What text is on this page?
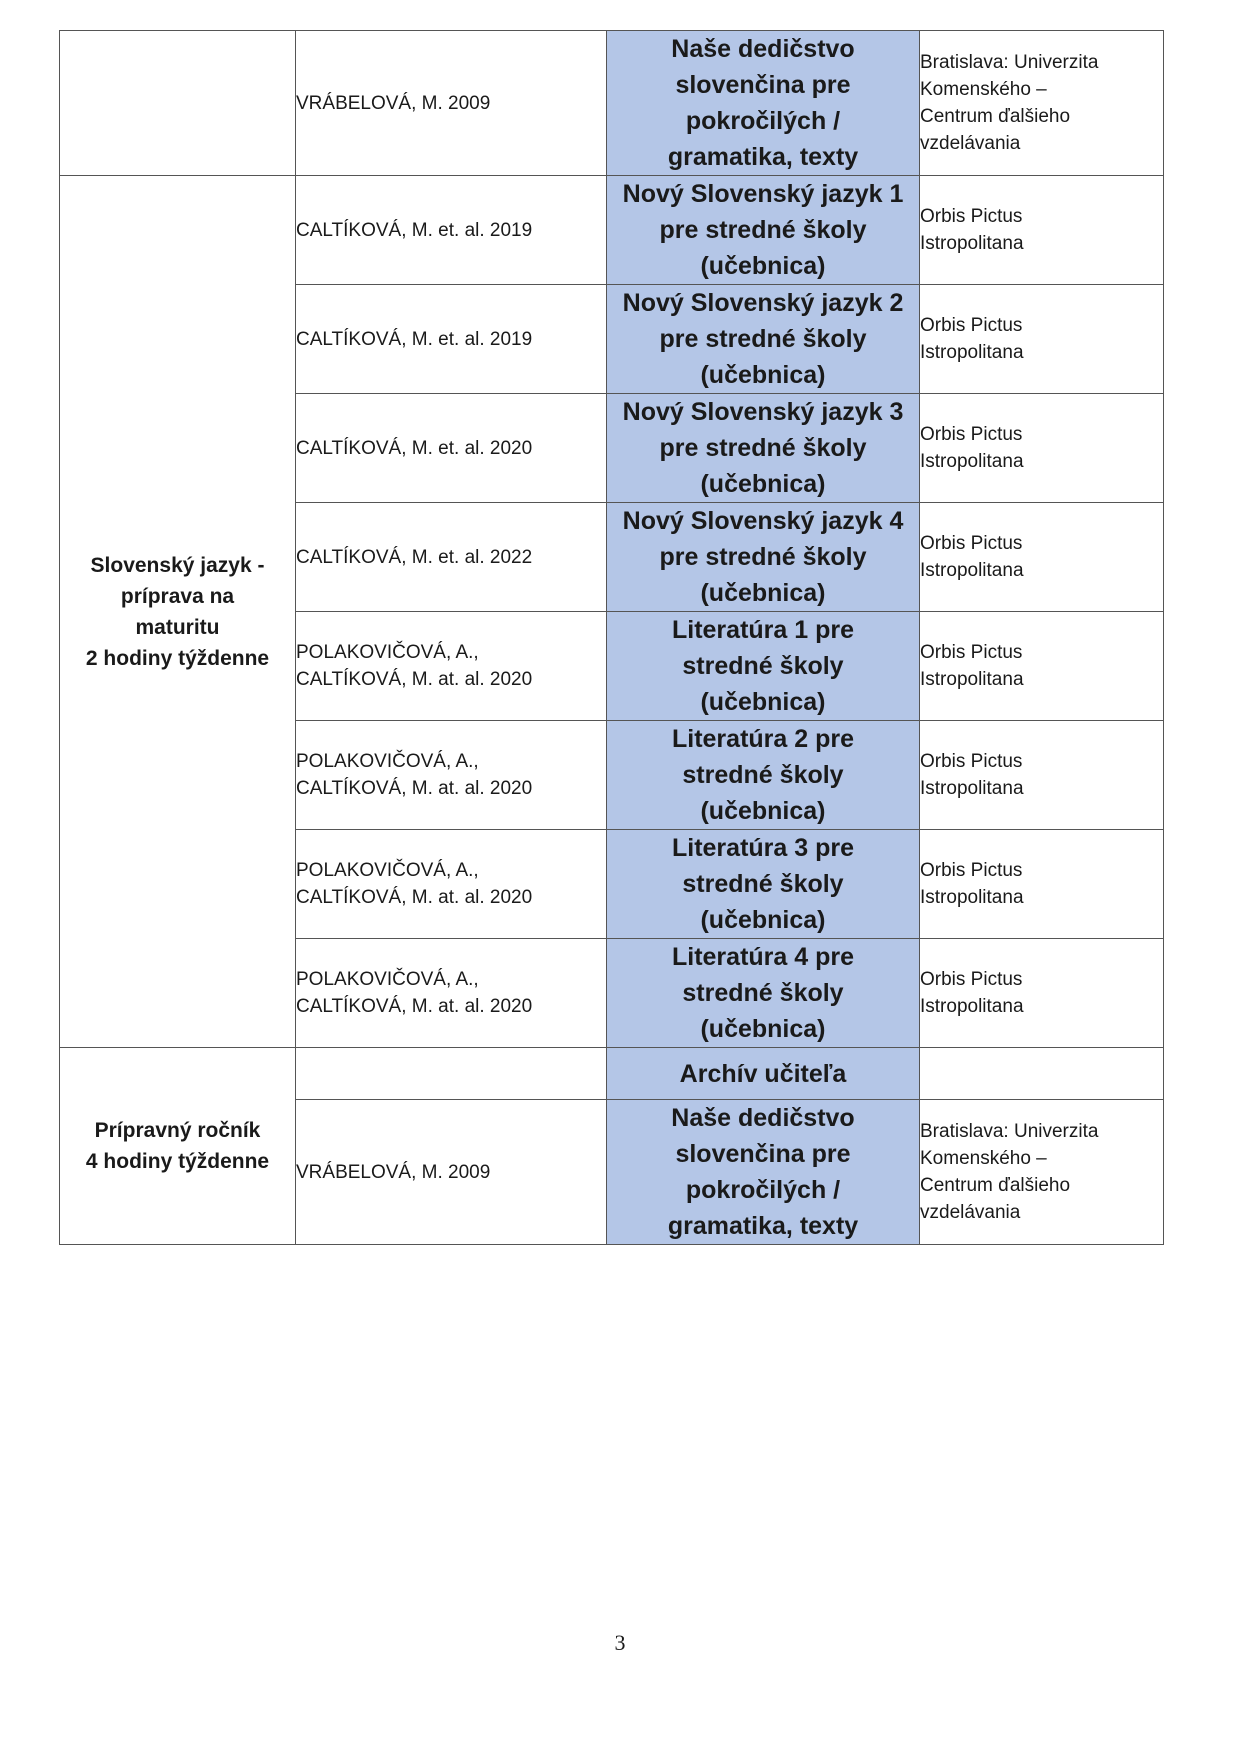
	VRÁBELOVÁ, M. 2009	Naše dedičstvo
slovenčina pre
pokročilých /
gramatika, texty	Bratislava: Univerzita
Komenského –
Centrum ďalšieho
vzdelávania

Slovenský jazyk -
príprava na
maturitu
2 hodiny týždenne	CALTÍKOVÁ, M. et. al. 2019	Nový Slovenský jazyk 1
pre stredné školy
(učebnica)	Orbis Pictus
Istropolitana

	CALTÍKOVÁ, M. et. al. 2019	Nový Slovenský jazyk 2
pre stredné školy
(učebnica)	Orbis Pictus
Istropolitana

	CALTÍKOVÁ, M. et. al. 2020	Nový Slovenský jazyk 3
pre stredné školy
(učebnica)	Orbis Pictus
Istropolitana

	CALTÍKOVÁ, M. et. al. 2022	Nový Slovenský jazyk 4
pre stredné školy
(učebnica)	Orbis Pictus
Istropolitana

	POLAKOVIČOVÁ, A.,
CALTÍKOVÁ, M. at. al. 2020	Literatúra 1 pre
stredné školy
(učebnica)	Orbis Pictus
Istropolitana

	POLAKOVIČOVÁ, A.,
CALTÍKOVÁ, M. at. al. 2020	Literatúra 2 pre
stredné školy
(učebnica)	Orbis Pictus
Istropolitana

	POLAKOVIČOVÁ, A.,
CALTÍKOVÁ, M. at. al. 2020	Literatúra 3 pre
stredné školy
(učebnica)	Orbis Pictus
Istropolitana

	POLAKOVIČOVÁ, A.,
CALTÍKOVÁ, M. at. al. 2020	Literatúra 4 pre
stredné školy
(učebnica)	Orbis Pictus
Istropolitana

Prípravný ročník
4 hodiny týždenne		Archív učiteľa	

	VRÁBELOVÁ, M. 2009	Naše dedičstvo
slovenčina pre
pokročilých /
gramatika, texty	Bratislava: Univerzita
Komenského –
Centrum ďalšieho
vzdelávania
3
